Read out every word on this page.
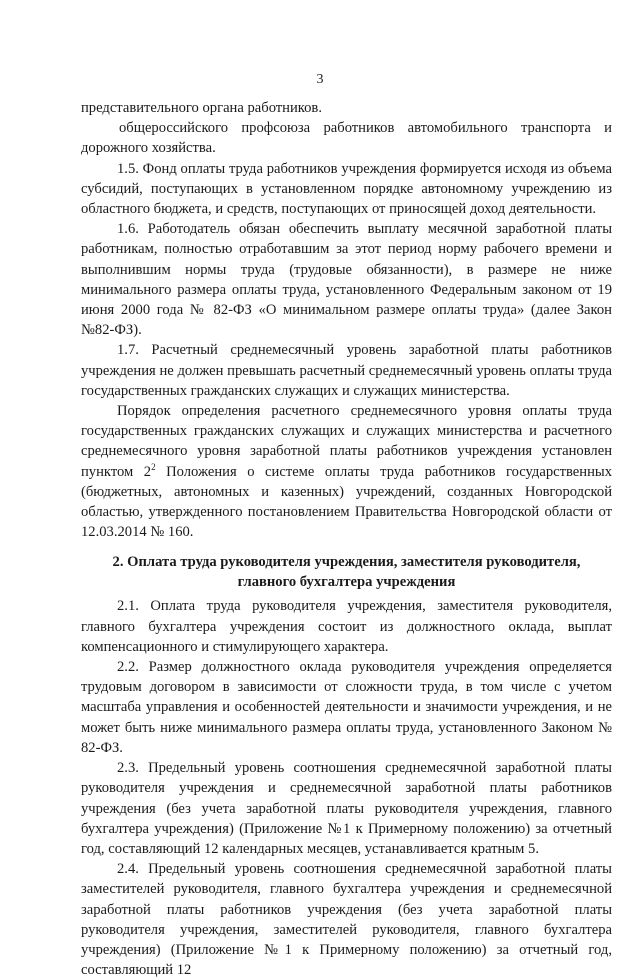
3

представительного органа работников.

общероссийского профсоюза работников автомобильного транспорта и дорожного хозяйства.

1.5. Фонд оплаты труда работников учреждения формируется исходя из объема субсидий, поступающих в установленном порядке автономному учреждению из областного бюджета, и средств, поступающих от приносящей доход деятельности.

1.6. Работодатель обязан обеспечить выплату месячной заработной платы работникам, полностью отработавшим за этот период норму рабочего времени и выполнившим нормы труда (трудовые обязанности), в размере не ниже минимального размера оплаты труда, установленного Федеральным законом от 19 июня 2000 года № 82-ФЗ «О минимальном размере оплаты труда» (далее Закон №82-ФЗ).

1.7. Расчетный среднемесячный уровень заработной платы работников учреждения не должен превышать расчетный среднемесячный уровень оплаты труда государственных гражданских служащих и служащих министерства.

Порядок определения расчетного среднемесячного уровня оплаты труда государственных гражданских служащих и служащих министерства и расчетного среднемесячного уровня заработной платы работников учреждения установлен пунктом $2^2$ Положения о системе оплаты труда работников государственных (бюджетных, автономных и казенных) учреждений, созданных Новгородской областью, утвержденного постановлением Правительства Новгородской области от 12.03.2014 № 160.

2. Оплата труда руководителя учреждения, заместителя руководителя,
главного бухгалтера учреждения

2.1. Оплата труда руководителя учреждения, заместителя руководителя, главного бухгалтера учреждения состоит из должностного оклада, выплат компенсационного и стимулирующего характера.

2.2. Размер должностного оклада руководителя учреждения определяется трудовым договором в зависимости от сложности труда, в том числе с учетом масштаба управления и особенностей деятельности и значимости учреждения, и не может быть ниже минимального размера оплаты труда, установленного Законом № 82-ФЗ.

2.3. Предельный уровень соотношения среднемесячной заработной платы руководителя учреждения и среднемесячной заработной платы работников учреждения (без учета заработной платы руководителя учреждения, главного бухгалтера учреждения) (Приложение №1 к Примерному положению) за отчетный год, составляющий 12 календарных месяцев, устанавливается кратным 5.

2.4. Предельный уровень соотношения среднемесячной заработной платы заместителей руководителя, главного бухгалтера учреждения и среднемесячной заработной платы работников учреждения (без учета заработной платы руководителя учреждения, заместителей руководителя, главного бухгалтера учреждения) (Приложение №1 к Примерному положению) за отчетный год, составляющий 12
